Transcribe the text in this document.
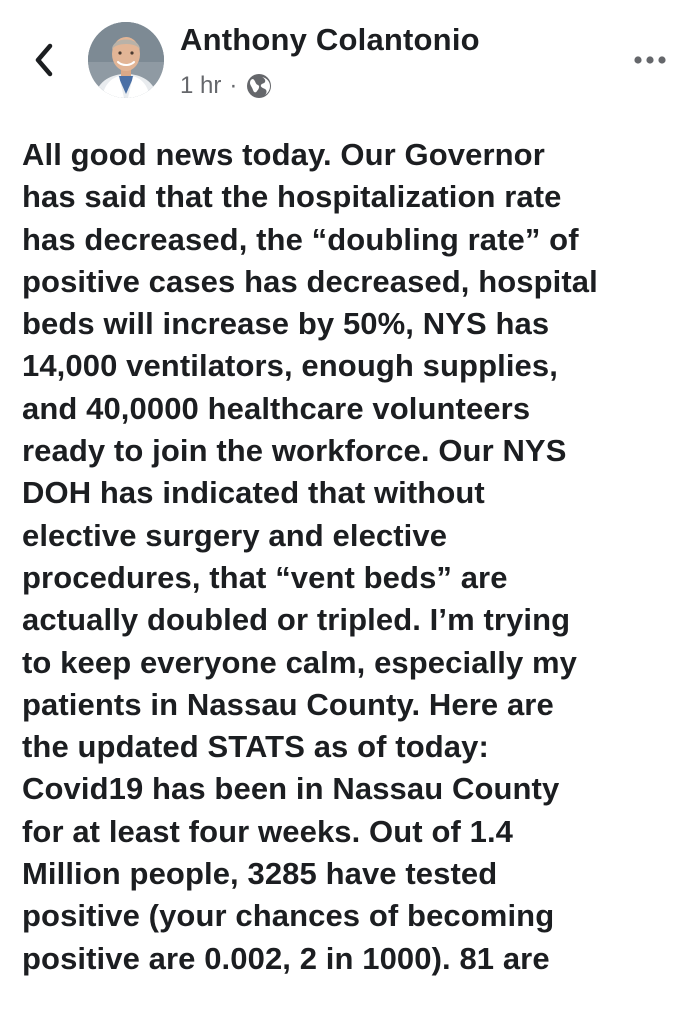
Anthony Colantonio
1 hr ·
All good news today. Our Governor
has said that the hospitalization rate
has decreased, the “doubling rate” of
positive cases has decreased, hospital
beds will increase by 50%, NYS has
14,000 ventilators, enough supplies,
and 40,0000 healthcare volunteers
ready to join the workforce. Our NYS
DOH has indicated that without
elective surgery and elective
procedures, that “vent beds” are
actually doubled or tripled. I’m trying
to keep everyone calm, especially my
patients in Nassau County. Here are
the updated STATS as of today:
Covid19 has been in Nassau County
for at least four weeks. Out of 1.4
Million people, 3285 have tested
positive (your chances of becoming
positive are 0.002, 2 in 1000). 81 are
